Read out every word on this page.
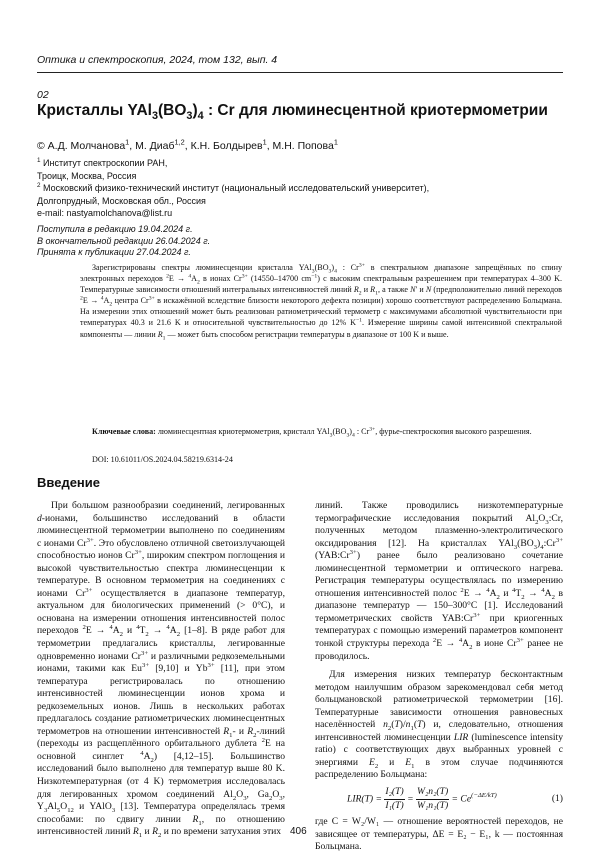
Оптика и спектроскопия, 2024, том 132, вып. 4
02
Кристаллы $YAl_3(BO_3)_4$ : Cr для люминесцентной криотермометрии
© А.Д. Молчанова$^1$, М. Диаб$^{1,2}$, К.Н. Болдырев$^1$, М.Н. Попова$^1$
$^1$ Институт спектроскопии РАН,
Троицк, Москва, Россия
$^2$ Московский физико-технический институт (национальный исследовательский университет),
Долгопрудный, Московская обл., Россия
e-mail: nastyamolchanova@list.ru
Поступила в редакцию 19.04.2024 г.
В окончательной редакции 26.04.2024 г.
Принята к публикации 27.04.2024 г.
Зарегистрированы спектры люминесценции кристалла $YAl_3(BO_3)_4$ : $Cr^{3+}$ в спектральном диапазоне запрещённых по спину электронных переходов $^2E \to ^4A_2$ в ионах $Cr^{3+}$ (14550–14700 $cm^{-1}$) с высоким спектральным разрешением при температурах 4–300 K. Температурные зависимости отношений интегральных интенсивностей линий $R_2$ и $R_1$, а также N′ и N (предположительно линий переходов $^2E \to ^4A_2$ центра $Cr^{3+}$ в искажённой вследствие близости некоторого дефекта позиции) хорошо соответствуют распределению Больцмана. На измерении этих отношений может быть реализован ратиометрический термометр с максимумами абсолютной чувствительности при температурах 40.3 и 21.6 K и относительной чувствительностью до 12% $K^{-1}$. Измерение ширины самой интенсивной спектральной компоненты — линии $R_1$ — может быть способом регистрации температуры в диапазоне от 100 K и выше.
Ключевые слова: люминесцентная криотермометрия, кристалл $YAl_3(BO_3)_4$ : $Cr^{3+}$, фурье-спектроскопия высокого разрешения.
DOI: 10.61011/OS.2024.04.58219.6314-24
Введение

При большом разнообразии соединений, легированных d-ионами, большинство исследований в области люминесцентной термометрии выполнено по соединениям с ионами $Cr^{3+}$. Это обусловлено отличной светоизлучающей способностью ионов $Cr^{3+}$, широким спектром поглощения и высокой чувствительностью спектра люминесценции к температуре. В основном термометрия на соединениях с ионами $Cr^{3+}$ осуществляется в диапазоне температур, актуальном для биологических применений (> 0°C), и основана на измерении отношения интенсивностей полос переходов $^2E \to ^4A_2$ и $^4T_2 \to ^4A_2$ [1–8]. В ряде работ для термометрии предлагались кристаллы, легированные одновременно ионами $Cr^{3+}$ и различными редкоземельными ионами, такими как $Eu^{3+}$ [9,10] и $Yb^{3+}$ [11], при этом температура регистрировалась по отношению интенсивностей люминесценции ионов хрома и редкоземельных ионов. Лишь в нескольких работах предлагалось создание ратиометрических люминесцентных термометров на отношении интенсивностей $R_1-$ и $R_2$-линий (переходы из расщеплённого орбитального дублета $^2$E на основной синглет $^4A_2$) [4,12–15]. Большинство исследований было выполнено для температур выше 80 K. Низкотемпературная (от 4 K) термометрия исследовалась для легированных хромом соединений $Al_2O_3$, $Ga_2O_3$, $Y_3Al_5O_{12}$ и YAlO$_3$ [13]. Температура определялась тремя способами: по сдвигу линии $R_1$, по отношению интенсивностей линий $R_1$ и $R_2$ и по времени затухания этих

линий. Также проводились низкотемпературные термографические исследования покрытий $Al_2O_3:Cr$, полученных методом плазменно-электролитического оксидирования [12]. На кристаллах $YAl_3(BO_3)_4:Cr^{3+}$ $(YAB:Cr^{3+})$ ранее было реализовано сочетание люминесцентной термометрии и оптического нагрева. Регистрация температуры осуществлялась по измерению отношения интенсивностей полос $^2E \to ^4A_2$ и $^4T_2 \to ^4A_2$ в диапазоне температур — 150–300°C [1]. Исследований термометрических свойств $YAB:Cr^{3+}$ при криогенных температурах с помощью измерений параметров компонент тонкой структуры перехода $^2E \to ^4A_2$ в ионе $Cr^{3+}$ ранее не проводилось.

Для измерения низких температур бесконтактным методом наилучшим образом зарекомендовал себя метод больцмановской ратиометрической термометрии [16]. Температурные зависимости отношения равновесных населённостей $n_2(T)/n_1(T)$ и, следовательно, отношения интенсивностей люминесценции LIR (luminescence intensity ratio) с соответствующих двух выбранных уровней с энергиями $E_2$ и $E_1$ в этом случае подчиняются распределению Больцмана:

$LIR(T) = \frac{\text{I₂(T)}}{\text{I₁(T)}} = \frac{\text{W₂n₂(T)}}{\text{W₁n₁(T)}} = Ce^{(-\Delta E/kT)}$	(1)

где C = W₂/W₁ — отношение вероятностей переходов, не зависящее от температуры, ΔE = E₂ − E₁, k — постоянная Больцмана.

406
